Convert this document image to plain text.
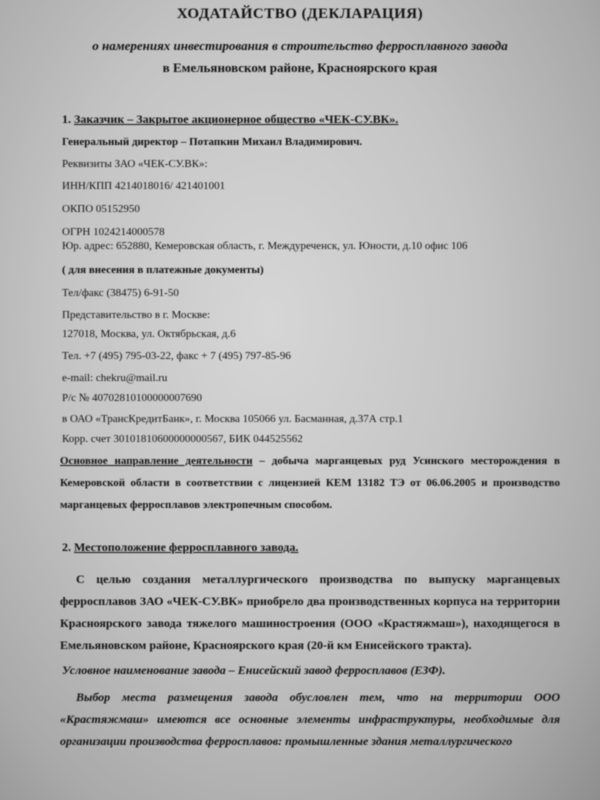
ХОДАТАЙСТВО (ДЕКЛАРАЦИЯ)
о намерениях инвестирования в строительство ферросплавного завода
в Емельяновском районе, Красноярского края
1. Заказчик – Закрытое акционерное общество «ЧЕК-СУ.ВК».
Генеральный директор – Потапкин Михаил Владимирович.
Реквизиты ЗАО «ЧЕК-СУ.ВК»:
ИНН/КПП 4214018016/ 421401001
ОКПО 05152950
ОГРН 1024214000578
Юр. адрес: 652880, Кемеровская область, г. Междуреченск, ул. Юности, д.10 офис 106
( для внесения в платежные документы)
Тел/факс (38475) 6-91-50
Представительство в г. Москве:
127018, Москва, ул. Октябрьская, д.6
Тел. +7 (495) 795-03-22, факс + 7 (495) 797-85-96
e-mail: chekru@mail.ru
Р/с № 40702810100000007690
в ОАО «ТрансКредитБанк», г. Москва 105066 ул. Басманная, д.37А стр.1
Корр. счет 30101810600000000567, БИК 044525562
Основное направление деятельности – добыча марганцевых руд Усинского месторождения в Кемеровской области в соответствии с лицензией КЕМ 13182 ТЭ от 06.06.2005 и производство марганцевых ферросплавов электропечным способом.
2. Местоположение ферросплавного завода.
С целью создания металлургического производства по выпуску марганцевых ферросплавов ЗАО «ЧЕК-СУ.ВК» приобрело два производственных корпуса на территории Красноярского завода тяжелого машиностроения (ООО «Крастяжмаш»), находящегося в Емельяновском районе, Красноярского края (20-й км Енисейского тракта).
Условное наименование завода – Енисейский завод ферросплавов (ЕЗФ).
Выбор места размещения завода обусловлен тем, что на территории ООО «Крастяжмаш» имеются все основные элементы инфраструктуры, необходимые для организации производства ферросплавов: промышленные здания металлургического
